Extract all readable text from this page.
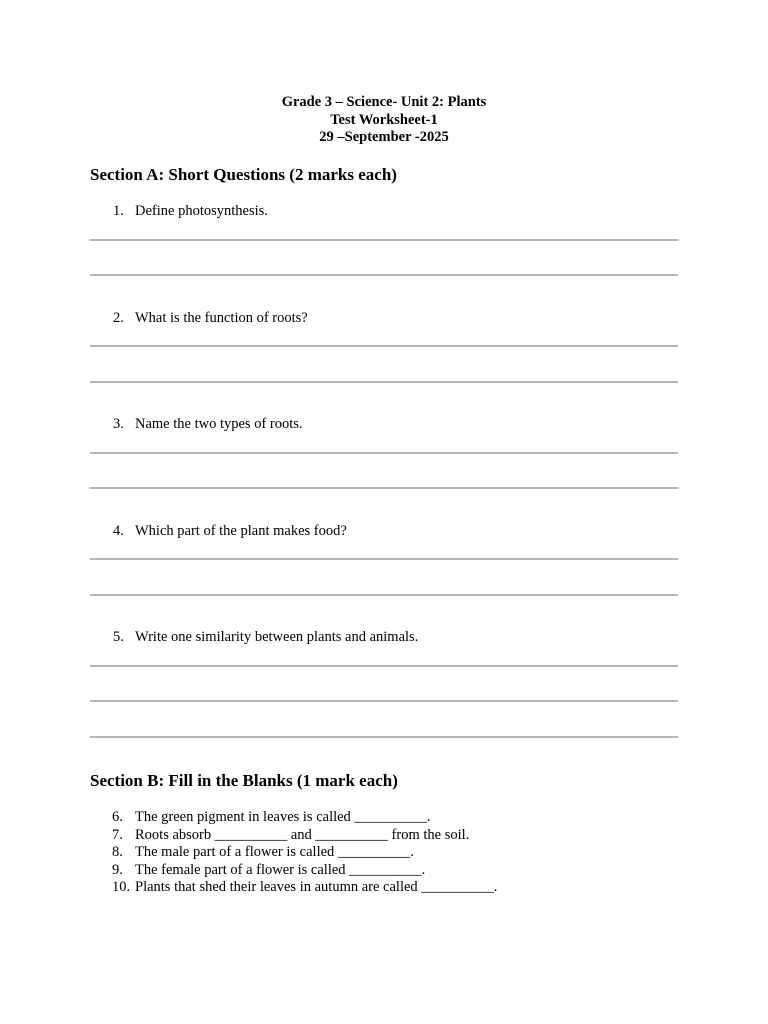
Grade 3 – Science- Unit 2: Plants
Test Worksheet-1
29 –September -2025
Section A: Short Questions (2 marks each)
1. Define photosynthesis.
2. What is the function of roots?
3. Name the two types of roots.
4. Which part of the plant makes food?
5. Write one similarity between plants and animals.
Section B: Fill in the Blanks (1 mark each)
6. The green pigment in leaves is called __________.
7. Roots absorb __________ and __________ from the soil.
8. The male part of a flower is called __________.
9. The female part of a flower is called __________.
10. Plants that shed their leaves in autumn are called __________.
